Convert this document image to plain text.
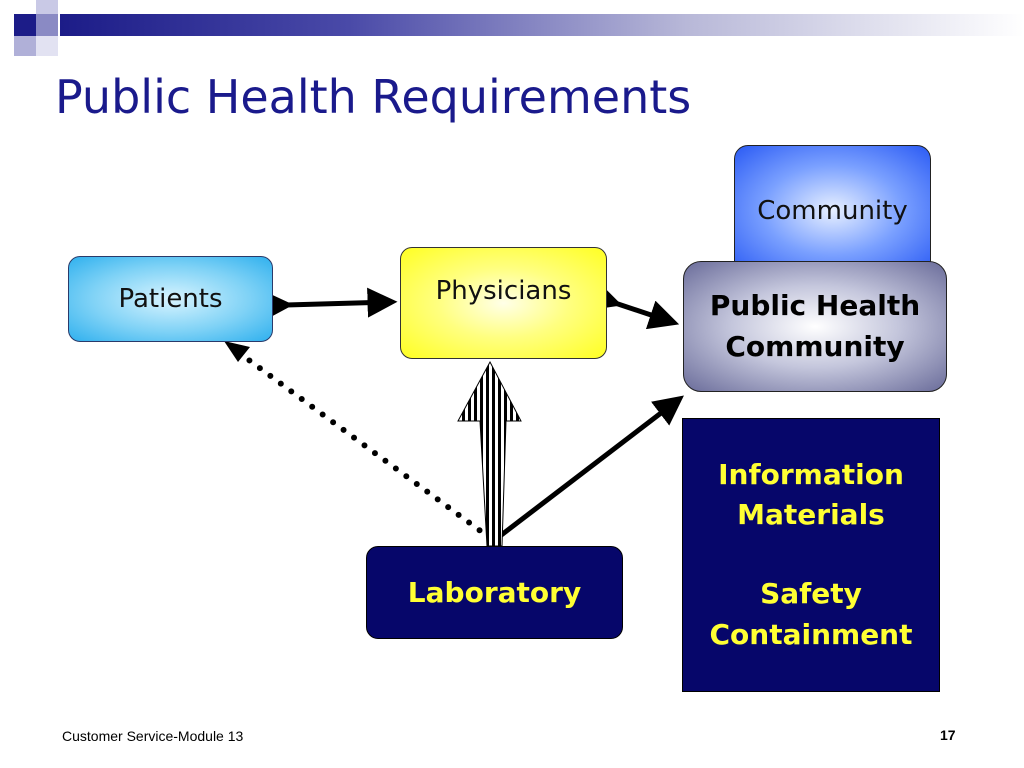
Public Health Requirements
Patients	Physicians
Community
Public Health
Community
Laboratory
Information
Materials
Safety
Containment
Customer Service-Module 13	17
